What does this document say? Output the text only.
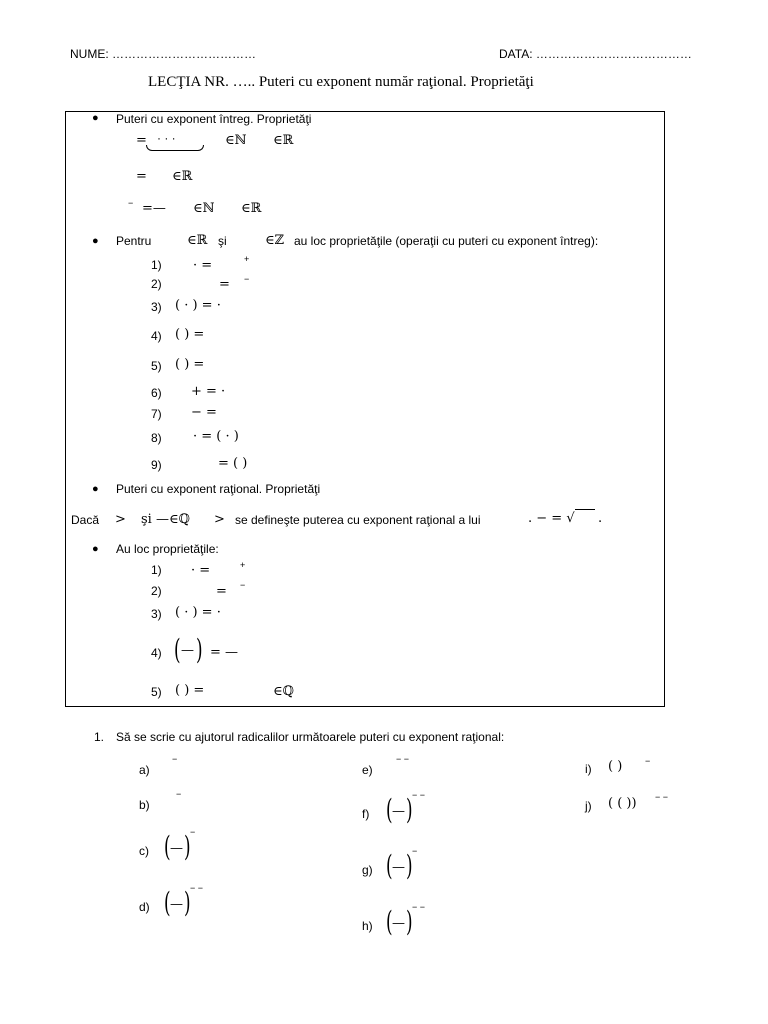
NUME: ………………………………	DATA: …………………………………
LECŢIA NR. ….. Puteri cu exponent număr raţional. Proprietăţi
● Puteri cu exponent întreg. Proprietăţi
= · · ·	∈ℕ ∈ℝ
= ∈ℝ
− =— ∈ℕ ∈ℝ
● Pentru	∈ℝ şi	∈ℤ au loc proprietăţile (operaţii cu puteri cu exponent întreg):
1) · =	+
2)	= −
3) ( · ) = ·
4) ( ) =
5) ( ) =
6) + = ·
7) − =
8) · = ( · )
9)	= ( )
● Puteri cu exponent raţional. Proprietăţi
Dacă > şi —∈ℚ > se defineşte puterea cu exponent raţional a lui	. − = √ .
● Au loc proprietăţile:
1) · =	+
2)	= −
3) ( · ) = ·
4) ( — ) = —
5) ( ) =	∈ℚ
1. Să se scrie cu ajutorul radicalilor următoarele puteri cu exponent raţional:
a)
−
b)
−
c) ( — ) −
d) ( — ) − −
e)
− −
f) ( — ) − −
g) ( — ) −
h) ( — ) − −
i) ( )	−
j) ( ( )) − −
